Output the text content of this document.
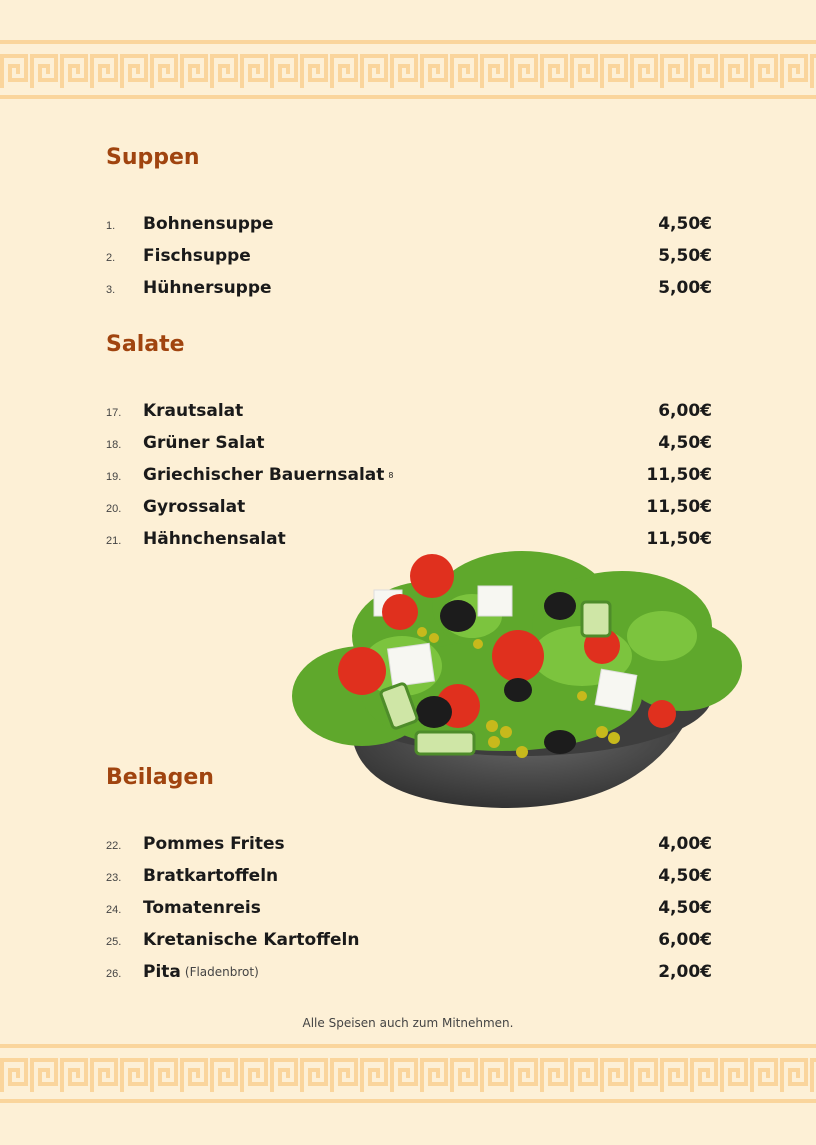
Suppen
1.	Bohnensuppe	4,50€
2.	Fischsuppe	5,50€
3.	Hühnersuppe	5,00€
Salate
17.	Krautsalat	6,00€
18.	Grüner Salat	4,50€
19.	Griechischer Bauernsalat 8	11,50€
20.	Gyrossalat	11,50€
21.	Hähnchensalat	11,50€
Beilagen
22.	Pommes Frites	4,00€
23.	Bratkartoffeln	4,50€
24.	Tomatenreis	4,50€
25.	Kretanische Kartoffeln	6,00€
26.	Pita (Fladenbrot)	2,00€
Alle Speisen auch zum Mitnehmen.
